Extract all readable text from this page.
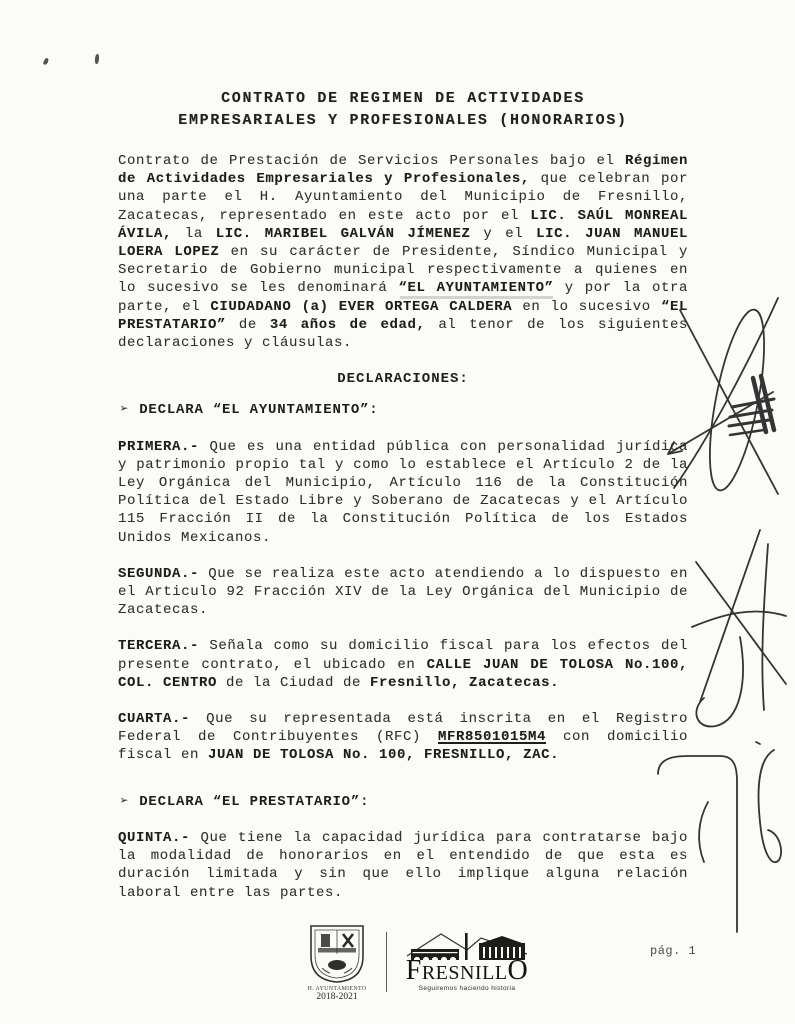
CONTRATO DE REGIMEN DE ACTIVIDADES
EMPRESARIALES Y PROFESIONALES (HONORARIOS)

Contrato de Prestación de Servicios Personales bajo el Régimen de Actividades Empresariales y Profesionales, que celebran por una parte el H. Ayuntamiento del Municipio de Fresnillo, Zacatecas, representado en este acto por el LIC. SAÚL MONREAL ÁVILA, la LIC. MARIBEL GALVÁN JÍMENEZ y el LIC. JUAN MANUEL LOERA LOPEZ en su carácter de Presidente, Síndico Municipal y Secretario de Gobierno municipal respectivamente a quienes en lo sucesivo se les denominará “EL AYUNTAMIENTO” y por la otra parte, el CIUDADANO (a) EVER ORTEGA CALDERA en lo sucesivo “EL PRESTATARIO” de 34 años de edad, al tenor de los siguientes declaraciones y cláusulas.

DECLARACIONES:
➢ DECLARA “EL AYUNTAMIENTO”:

PRIMERA.- Que es una entidad pública con personalidad jurídica y patrimonio propio tal y como lo establece el Artículo 2 de la Ley Orgánica del Municipio, Artículo 116 de la Constitución Política del Estado Libre y Soberano de Zacatecas y el Artículo 115 Fracción II de la Constitución Política de los Estados Unidos Mexicanos.

SEGUNDA.- Que se realiza este acto atendiendo a lo dispuesto en el Articulo 92 Fracción XIV de la Ley Orgánica del Municipio de Zacatecas.

TERCERA.- Señala como su domicilio fiscal para los efectos del presente contrato, el ubicado en CALLE JUAN DE TOLOSA No.100, COL. CENTRO de la Ciudad de Fresnillo, Zacatecas.

CUARTA.- Que su representada está inscrita en el Registro Federal de Contribuyentes (RFC) MFR8501015M4 con domicilio fiscal en JUAN DE TOLOSA No. 100, FRESNILLO, ZAC.

➢ DECLARA “EL PRESTATARIO”:

QUINTA.- Que tiene la capacidad jurídica para contratarse bajo la modalidad de honorarios en el entendido de que esta es duración limitada y sin que ello implique alguna relación laboral entre las partes.

H. AYUNTAMIENTO
2018-2021
FRESNILLO
Seguiremos haciendo historia
pág. 1
